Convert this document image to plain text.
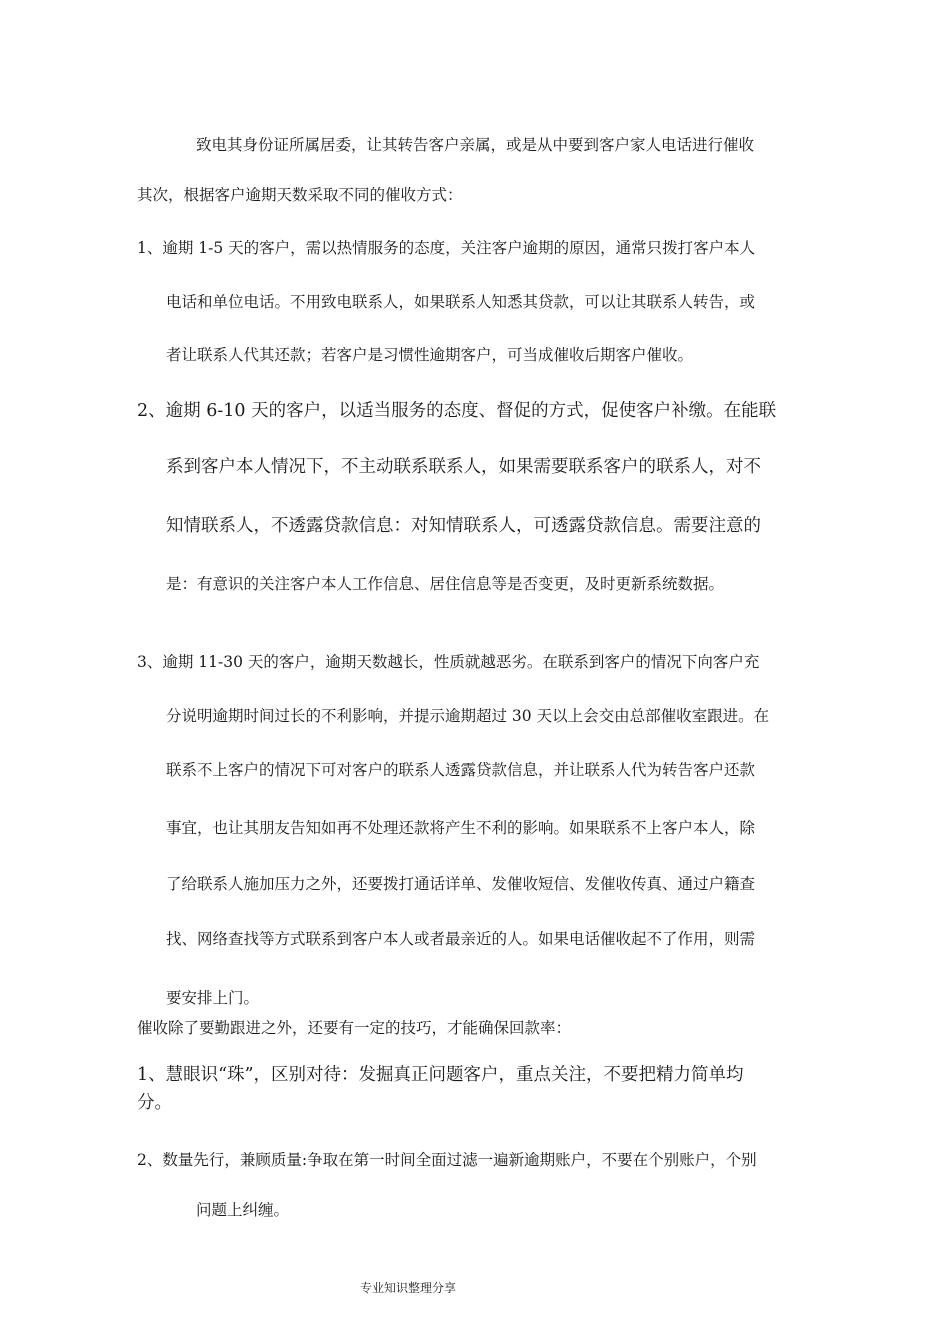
致电其身份证所属居委，让其转告客户亲属，或是从中要到客户家人电话进行催收
其次，根据客户逾期天数采取不同的催收方式：
1、逾期 1-5 天的客户，需以热情服务的态度，关注客户逾期的原因，通常只拨打客户本人
电话和单位电话。不用致电联系人，如果联系人知悉其贷款，可以让其联系人转告，或
者让联系人代其还款；若客户是习惯性逾期客户，可当成催收后期客户催收。
2、逾期 6-10 天的客户，以适当服务的态度、督促的方式，促使客户补缴。在能联
系到客户本人情况下，不主动联系联系人，如果需要联系客户的联系人，对不
知情联系人，不透露贷款信息：对知情联系人，可透露贷款信息。需要注意的
是：有意识的关注客户本人工作信息、居住信息等是否变更，及时更新系统数据。
3、逾期 11-30 天的客户，逾期天数越长，性质就越恶劣。在联系到客户的情况下向客户充
分说明逾期时间过长的不利影响，并提示逾期超过 30 天以上会交由总部催收室跟进。在
联系不上客户的情况下可对客户的联系人透露贷款信息，并让联系人代为转告客户还款
事宜，也让其朋友告知如再不处理还款将产生不利的影响。如果联系不上客户本人，除
了给联系人施加压力之外，还要拨打通话详单、发催收短信、发催收传真、通过户籍查
找、网络查找等方式联系到客户本人或者最亲近的人。如果电话催收起不了作用，则需
要安排上门。
催收除了要勤跟进之外，还要有一定的技巧，才能确保回款率：
1、慧眼识“珠”，区别对待：发掘真正问题客户，重点关注，不要把精力简单均
分。
2、数量先行，兼顾质量:争取在第一时间全面过滤一遍新逾期账户，不要在个别账户，个别
问题上纠缠。
专业知识整理分享
